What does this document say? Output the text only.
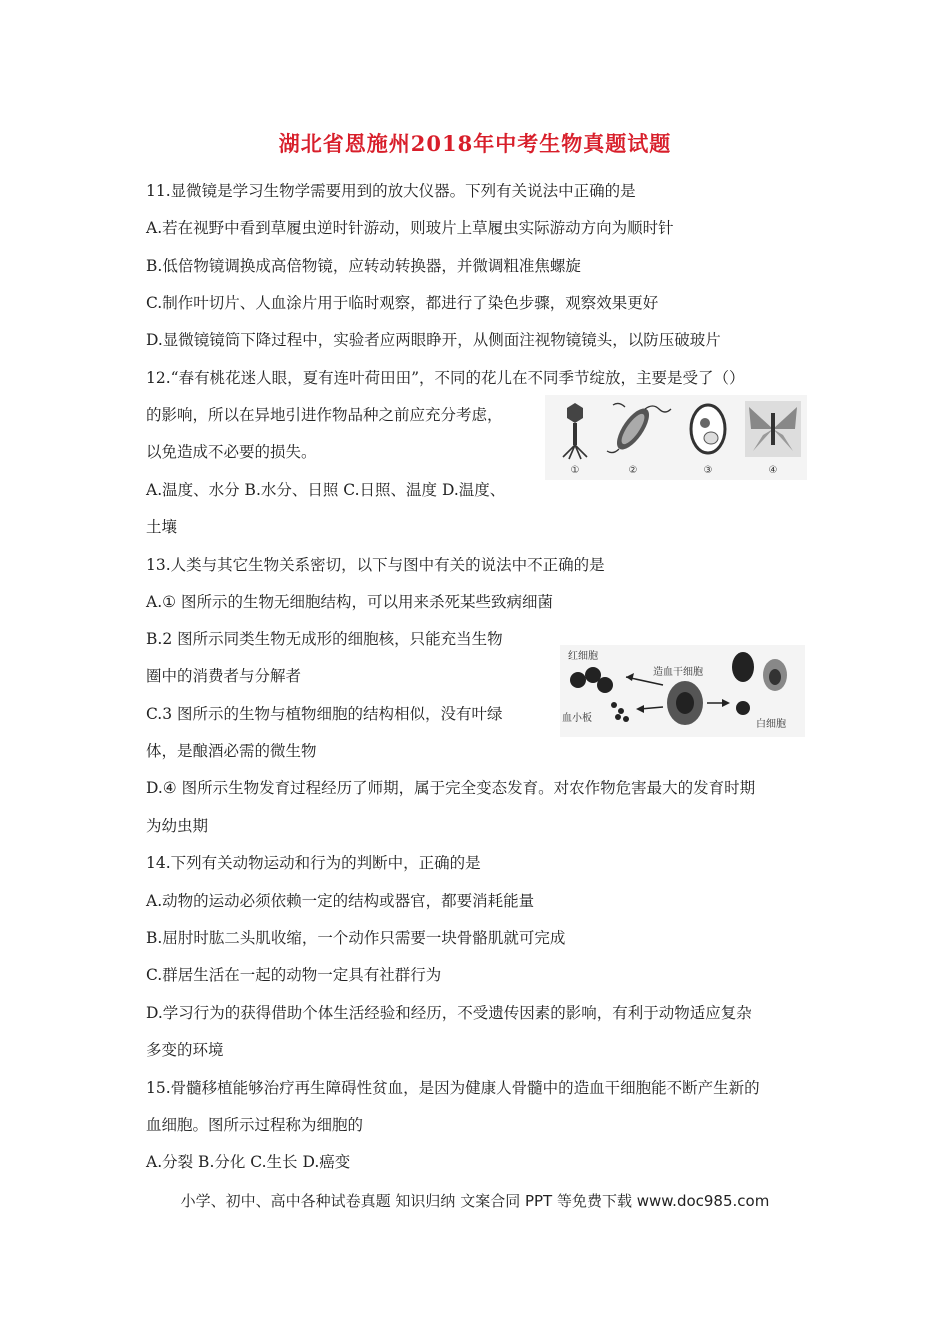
湖北省恩施州2018年中考生物真题试题
11.显微镜是学习生物学需要用到的放大仪器。下列有关说法中正确的是
A.若在视野中看到草履虫逆时针游动，则玻片上草履虫实际游动方向为顺时针
B.低倍物镜调换成高倍物镜，应转动转换器，并微调粗准焦螺旋
C.制作叶切片、人血涂片用于临时观察，都进行了染色步骤，观察效果更好
D.显微镜镜筒下降过程中，实验者应两眼睁开，从侧面注视物镜镜头，以防压破玻片
12.“春有桃花迷人眼，夏有连叶荷田田”，不同的花儿在不同季节绽放，主要是受了（）
的影响，所以在异地引进作物品种之前应充分考虑，
以免造成不必要的损失。
A.温度、水分 B.水分、日照 C.日照、温度 D.温度、
土壤
13.人类与其它生物关系密切，以下与图中有关的说法中不正确的是
A.① 图所示的生物无细胞结构，可以用来杀死某些致病细菌
B.2 图所示同类生物无成形的细胞核，只能充当生物
圈中的消费者与分解者
C.3 图所示的生物与植物细胞的结构相似，没有叶绿
体，是酿酒必需的微生物
D.④ 图所示生物发育过程经历了师期，属于完全变态发育。对农作物危害最大的发育时期
为幼虫期
14.下列有关动物运动和行为的判断中，正确的是
A.动物的运动必须依赖一定的结构或器官，都要消耗能量
B.屈肘时肱二头肌收缩，一个动作只需要一块骨骼肌就可完成
C.群居生活在一起的动物一定具有社群行为
D.学习行为的获得借助个体生活经验和经历，不受遗传因素的影响，有利于动物适应复杂
多变的环境
15.骨髓移植能够治疗再生障碍性贫血，是因为健康人骨髓中的造血干细胞能不断产生新的
血细胞。图所示过程称为细胞的
A.分裂 B.分化 C.生长 D.癌变
①	②	③	④
红细胞
造血干细胞
血小板
白细胞
小学、初中、高中各种试卷真题 知识归纳 文案合同 PPT 等免费下载 www.doc985.com
